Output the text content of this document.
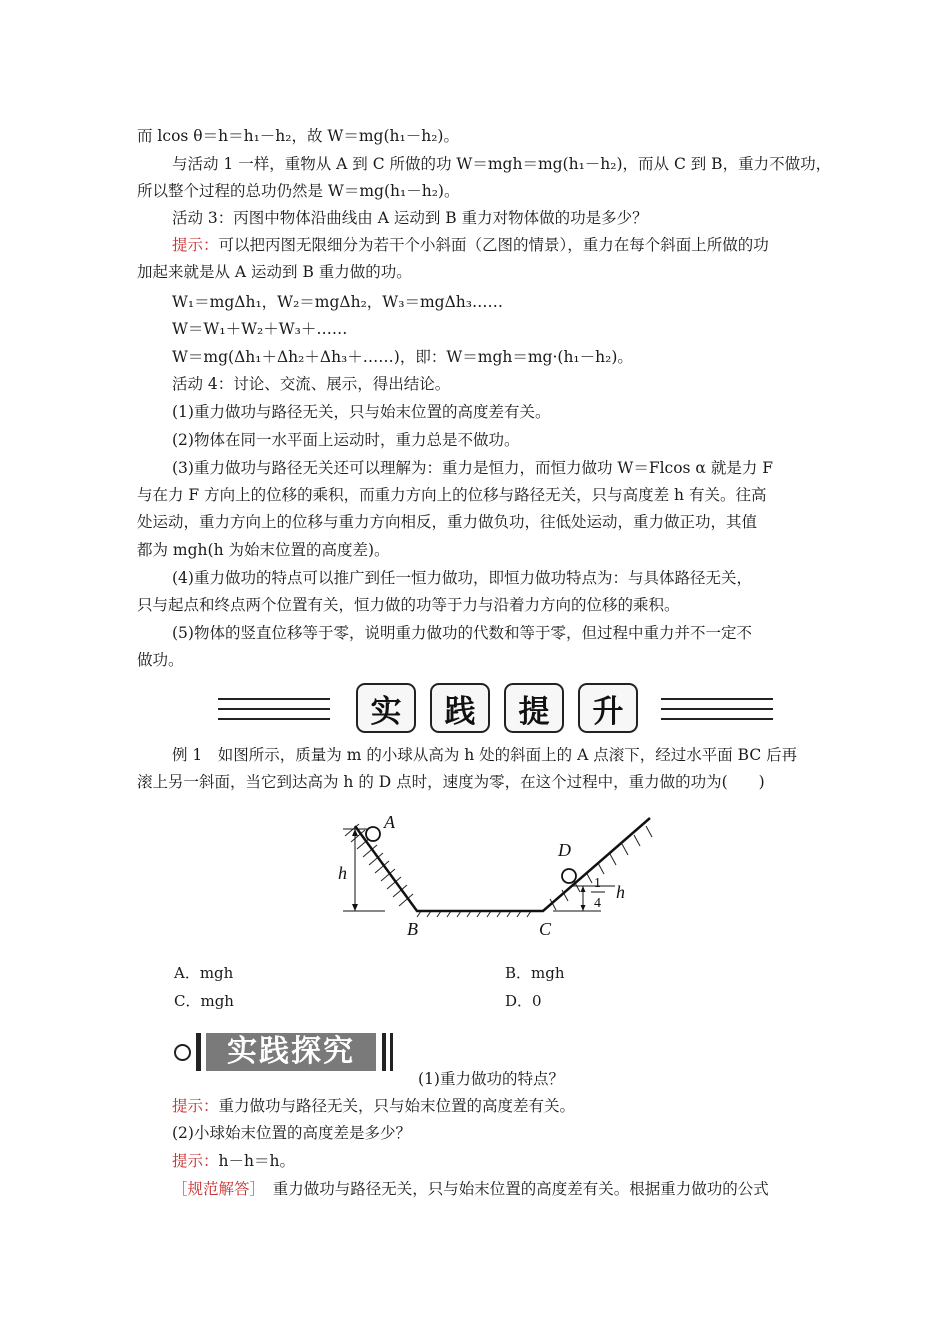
而 lcos θ＝h＝h₁－h₂，故 W＝mg(h₁－h₂)。
与活动 1 一样，重物从 A 到 C 所做的功 W＝mgh＝mg(h₁－h₂)，而从 C 到 B，重力不做功，
所以整个过程的总功仍然是 W＝mg(h₁－h₂)。
活动 3：丙图中物体沿曲线由 A 运动到 B 重力对物体做的功是多少？
提示：可以把丙图无限细分为若干个小斜面（乙图的情景），重力在每个斜面上所做的功
加起来就是从 A 运动到 B 重力做的功。
W₁＝mgΔh₁，W₂＝mgΔh₂，W₃＝mgΔh₃……
W＝W₁＋W₂＋W₃＋……
W＝mg(Δh₁＋Δh₂＋Δh₃＋……)，即：W＝mgh＝mg·(h₁－h₂)。
活动 4：讨论、交流、展示，得出结论。
(1)重力做功与路径无关，只与始末位置的高度差有关。
(2)物体在同一水平面上运动时，重力总是不做功。
(3)重力做功与路径无关还可以理解为：重力是恒力，而恒力做功 W＝Flcos α 就是力 F
与在力 F 方向上的位移的乘积，而重力方向上的位移与路径无关，只与高度差 h 有关。往高
处运动，重力方向上的位移与重力方向相反，重力做负功，往低处运动，重力做正功，其值
都为 mgh(h 为始末位置的高度差)。
(4)重力做功的特点可以推广到任一恒力做功，即恒力做功特点为：与具体路径无关，
只与起点和终点两个位置有关，恒力做的功等于力与沿着力方向的位移的乘积。
(5)物体的竖直位移等于零，说明重力做功的代数和等于零，但过程中重力并不一定不
做功。
实	践	提	升
例 1　如图所示，质量为 m 的小球从高为 h 处的斜面上的 A 点滚下，经过水平面 BC 后再
滚上另一斜面，当它到达高为 h 的 D 点时，速度为零，在这个过程中，重力做的功为(　　)
A
h
B	C
D
h
1
4
A．mgh	B．mgh
C．mgh	D．0
实践探究
(1)重力做功的特点？
提示：重力做功与路径无关，只与始末位置的高度差有关。
(2)小球始末位置的高度差是多少？
提示：h－h＝h。
［规范解答］　重力做功与路径无关，只与始末位置的高度差有关。根据重力做功的公式
